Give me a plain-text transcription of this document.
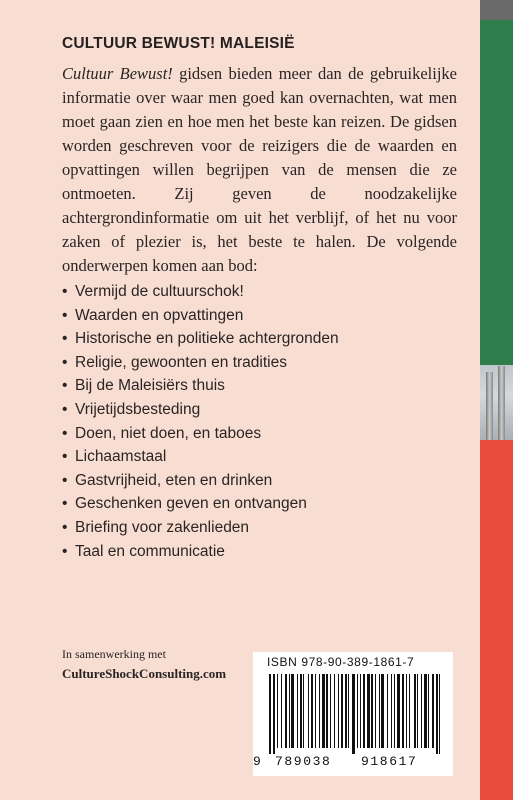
CULTUUR BEWUST! MALEISIË

Cultuur Bewust! gidsen bieden meer dan de gebruikelijke informatie over waar men goed kan overnachten, wat men moet gaan zien en hoe men het beste kan reizen. De gidsen worden geschreven voor de reizigers die de waarden en opvattingen willen begrijpen van de mensen die ze ontmoeten. Zij geven de noodzakelijke achtergrondinformatie om uit het verblijf, of het nu voor zaken of plezier is, het beste te halen. De volgende onderwerpen komen aan bod:

• Vermijd de cultuurschok!
• Waarden en opvattingen
• Historische en politieke achtergronden
• Religie, gewoonten en tradities
• Bij de Maleisiërs thuis
• Vrijetijdsbesteding
• Doen, niet doen, en taboes
• Lichaamstaal
• Gastvrijheid, eten en drinken
• Geschenken geven en ontvangen
• Briefing voor zakenlieden
• Taal en communicatie
In samenwerking met
CultureShockConsulting.com
ISBN 978-90-389-1861-7
9 789038 918617
